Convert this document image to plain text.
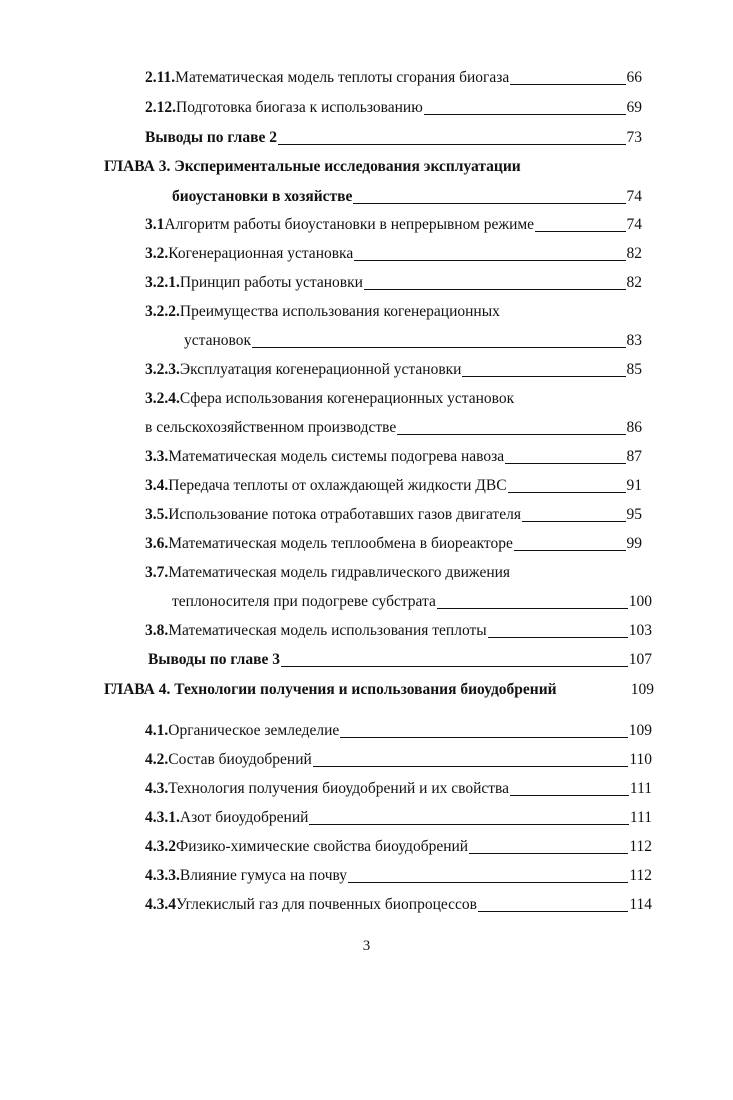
2.11. Математическая модель теплоты сгорания биогаза	66
2.12. Подготовка биогаза к использованию	69
Выводы по главе 2	73
ГЛАВА 3. Экспериментальные исследования эксплуатации
биоустановки в хозяйстве	74
3.1 Алгоритм работы биоустановки в непрерывном режиме	74
3.2. Когенерационная установка	82
3.2.1. Принцип работы установки	82
3.2.2. Преимущества использования когенерационных
установок	83
3.2.3. Эксплуатация когенерационной установки	85
3.2.4. Сфера использования когенерационных установок
в сельскохозяйственном производстве	86
3.3. Математическая модель системы подогрева навоза	87
3.4. Передача теплоты от охлаждающей жидкости ДВС	91
3.5. Использование потока отработавших газов двигателя	95
3.6. Математическая модель теплообмена в биореакторе	99
3.7. Математическая модель гидравлического движения
теплоносителя при подогреве субстрата	100
3.8. Математическая модель использования теплоты	103
Выводы по главе 3	107
ГЛАВА 4. Технологии получения и использования биоудобрений	109
4.1. Органическое земледелие	109
4.2. Состав биоудобрений	110
4.3. Технология получения биоудобрений и их свойства	111
4.3.1. Азот биоудобрений	111
4.3.2 Физико-химические свойства биоудобрений	112
4.3.3. Влияние гумуса на почву	112
4.3.4 Углекислый газ для почвенных биопроцессов	114
3
